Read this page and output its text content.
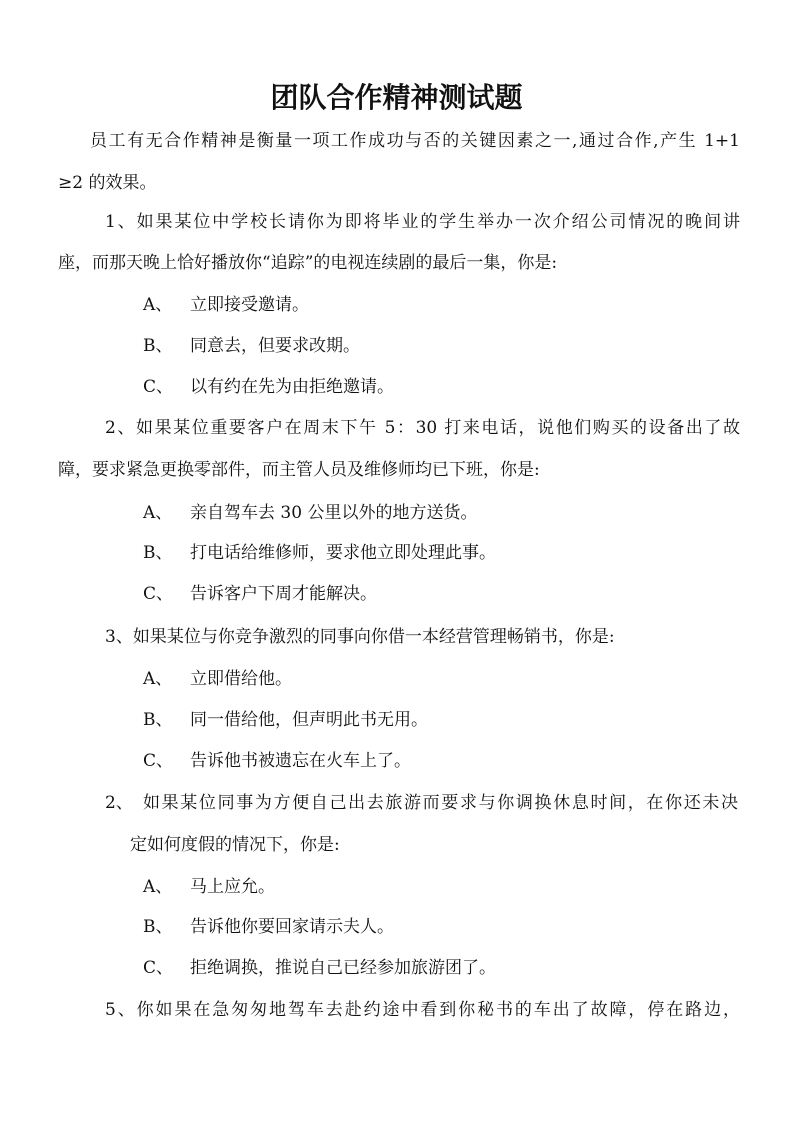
团队合作精神测试题
员工有无合作精神是衡量一项工作成功与否的关键因素之一,通过合作,产生 1+1
≥2 的效果。
1、如果某位中学校长请你为即将毕业的学生举办一次介绍公司情况的晚间讲
座，而那天晚上恰好播放你“追踪”的电视连续剧的最后一集，你是:
A、 立即接受邀请。
B、 同意去，但要求改期。
C、 以有约在先为由拒绝邀请。
2、如果某位重要客户在周末下午 5：30 打来电话，说他们购买的设备出了故
障，要求紧急更换零部件，而主管人员及维修师均已下班，你是:
A、 亲自驾车去 30 公里以外的地方送货。
B、 打电话给维修师，要求他立即处理此事。
C、 告诉客户下周才能解决。
3、如果某位与你竞争激烈的同事向你借一本经营管理畅销书，你是:
A、 立即借给他。
B、 同一借给他，但声明此书无用。
C、 告诉他书被遗忘在火车上了。
2、 如果某位同事为方便自己出去旅游而要求与你调换休息时间，在你还未决
定如何度假的情况下，你是:
A、 马上应允。
B、 告诉他你要回家请示夫人。
C、 拒绝调换，推说自己已经参加旅游团了。
5、你如果在急匆匆地驾车去赴约途中看到你秘书的车出了故障，停在路边，
